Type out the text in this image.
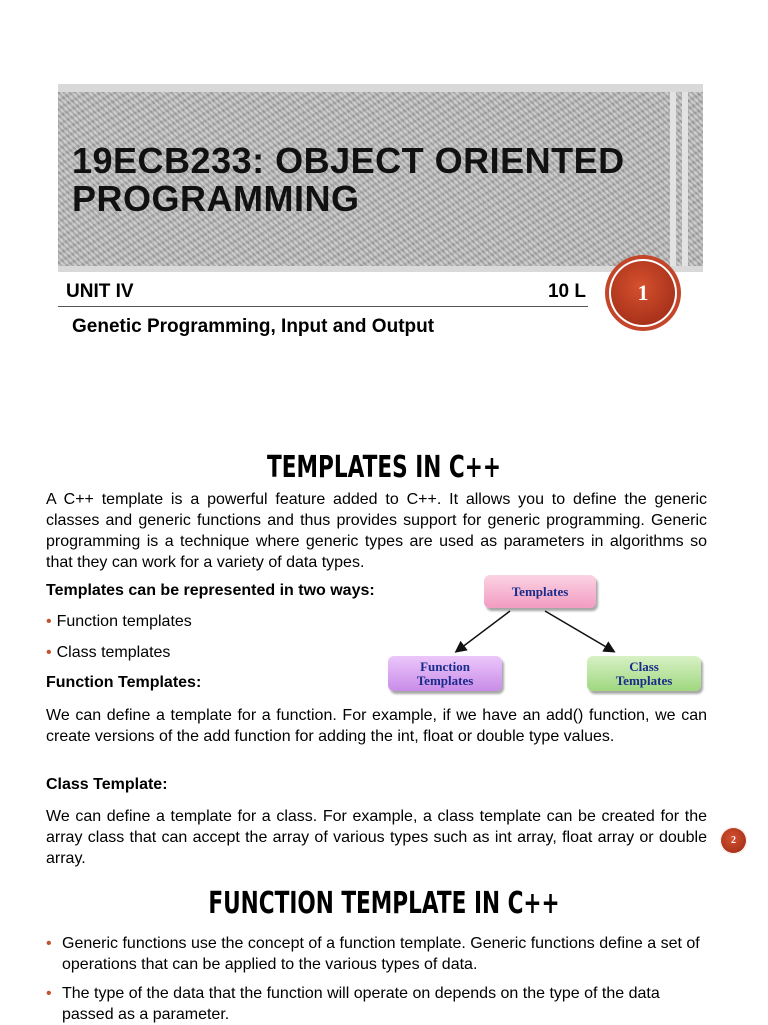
19ECB233: OBJECT ORIENTED PROGRAMMING
UNIT IV	10 L
Genetic Programming, Input and Output
1
TEMPLATES IN C++
A C++ template is a powerful feature added to C++. It allows you to define the generic classes and generic functions and thus provides support for generic programming. Generic programming is a technique where generic types are used as parameters in algorithms so that they can work for a variety of data types.
Templates can be represented in two ways:
• Function templates
• Class templates
Function Templates:
We can define a template for a function. For example, if we have an add() function, we can create versions of the add function for adding the int, float or double type values.
Class Template:
We can define a template for a class. For example, a class template can be created for the array class that can accept the array of various types such as int array, float array or double array.
2
Templates
Function
Templates
Class
Templates
FUNCTION TEMPLATE IN C++
• Generic functions use the concept of a function template. Generic functions define a set of operations that can be applied to the various types of data.
• The type of the data that the function will operate on depends on the type of the data passed as a parameter.
